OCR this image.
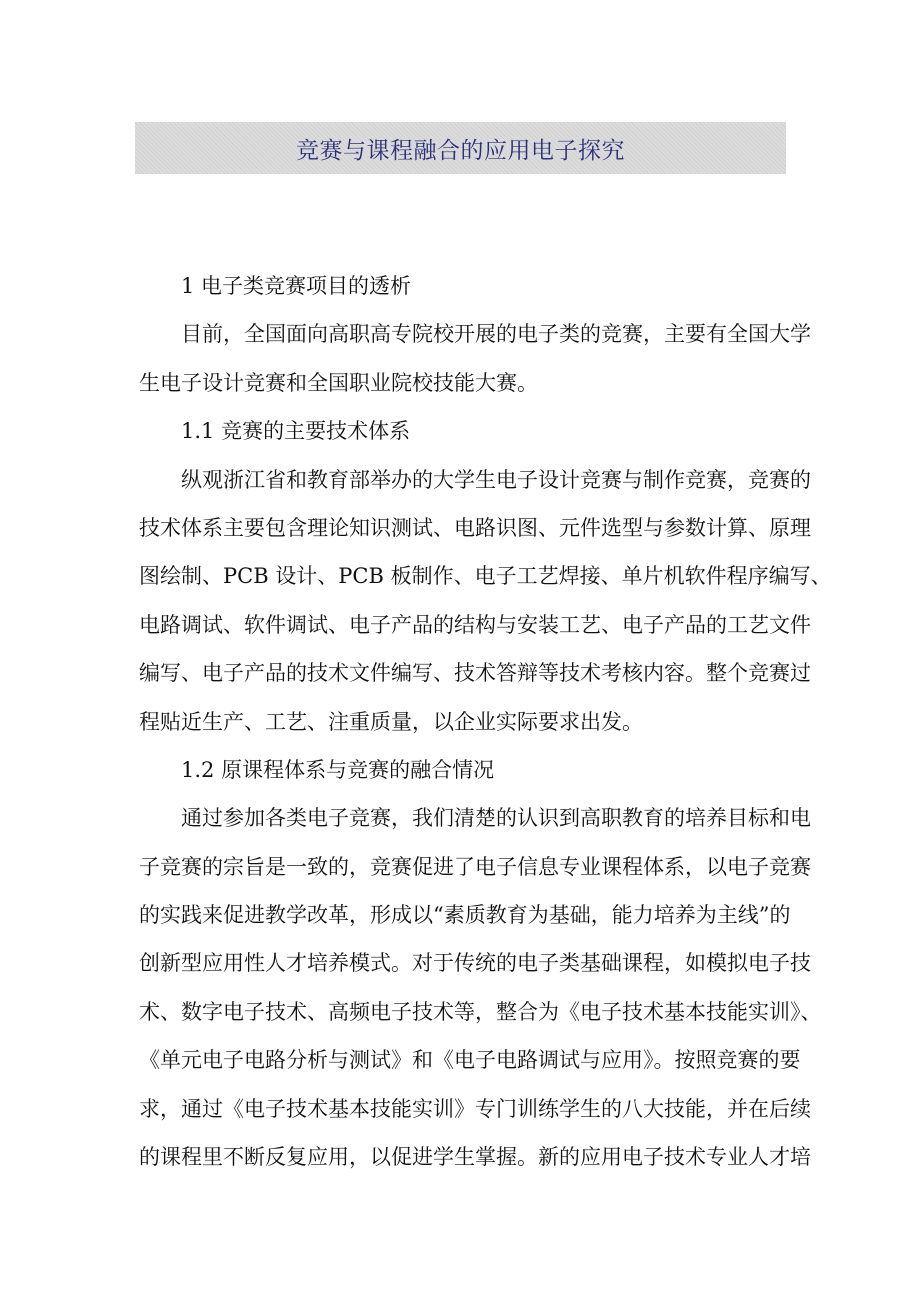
竞赛与课程融合的应用电子探究
1 电子类竞赛项目的透析
目前，全国面向高职高专院校开展的电子类的竞赛，主要有全国大学
生电子设计竞赛和全国职业院校技能大赛。
1.1 竞赛的主要技术体系
纵观浙江省和教育部举办的大学生电子设计竞赛与制作竞赛，竞赛的
技术体系主要包含理论知识测试、电路识图、元件选型与参数计算、原理
图绘制、PCB 设计、PCB 板制作、电子工艺焊接、单片机软件程序编写、
电路调试、软件调试、电子产品的结构与安装工艺、电子产品的工艺文件
编写、电子产品的技术文件编写、技术答辩等技术考核内容。整个竞赛过
程贴近生产、工艺、注重质量，以企业实际要求出发。
1.2 原课程体系与竞赛的融合情况
通过参加各类电子竞赛，我们清楚的认识到高职教育的培养目标和电
子竞赛的宗旨是一致的，竞赛促进了电子信息专业课程体系，以电子竞赛
的实践来促进教学改革，形成以“素质教育为基础，能力培养为主线”的
创新型应用性人才培养模式。对于传统的电子类基础课程，如模拟电子技
术、数字电子技术、高频电子技术等，整合为《电子技术基本技能实训》、
《单元电子电路分析与测试》和《电子电路调试与应用》。按照竞赛的要
求，通过《电子技术基本技能实训》专门训练学生的八大技能，并在后续
的课程里不断反复应用，以促进学生掌握。新的应用电子技术专业人才培
